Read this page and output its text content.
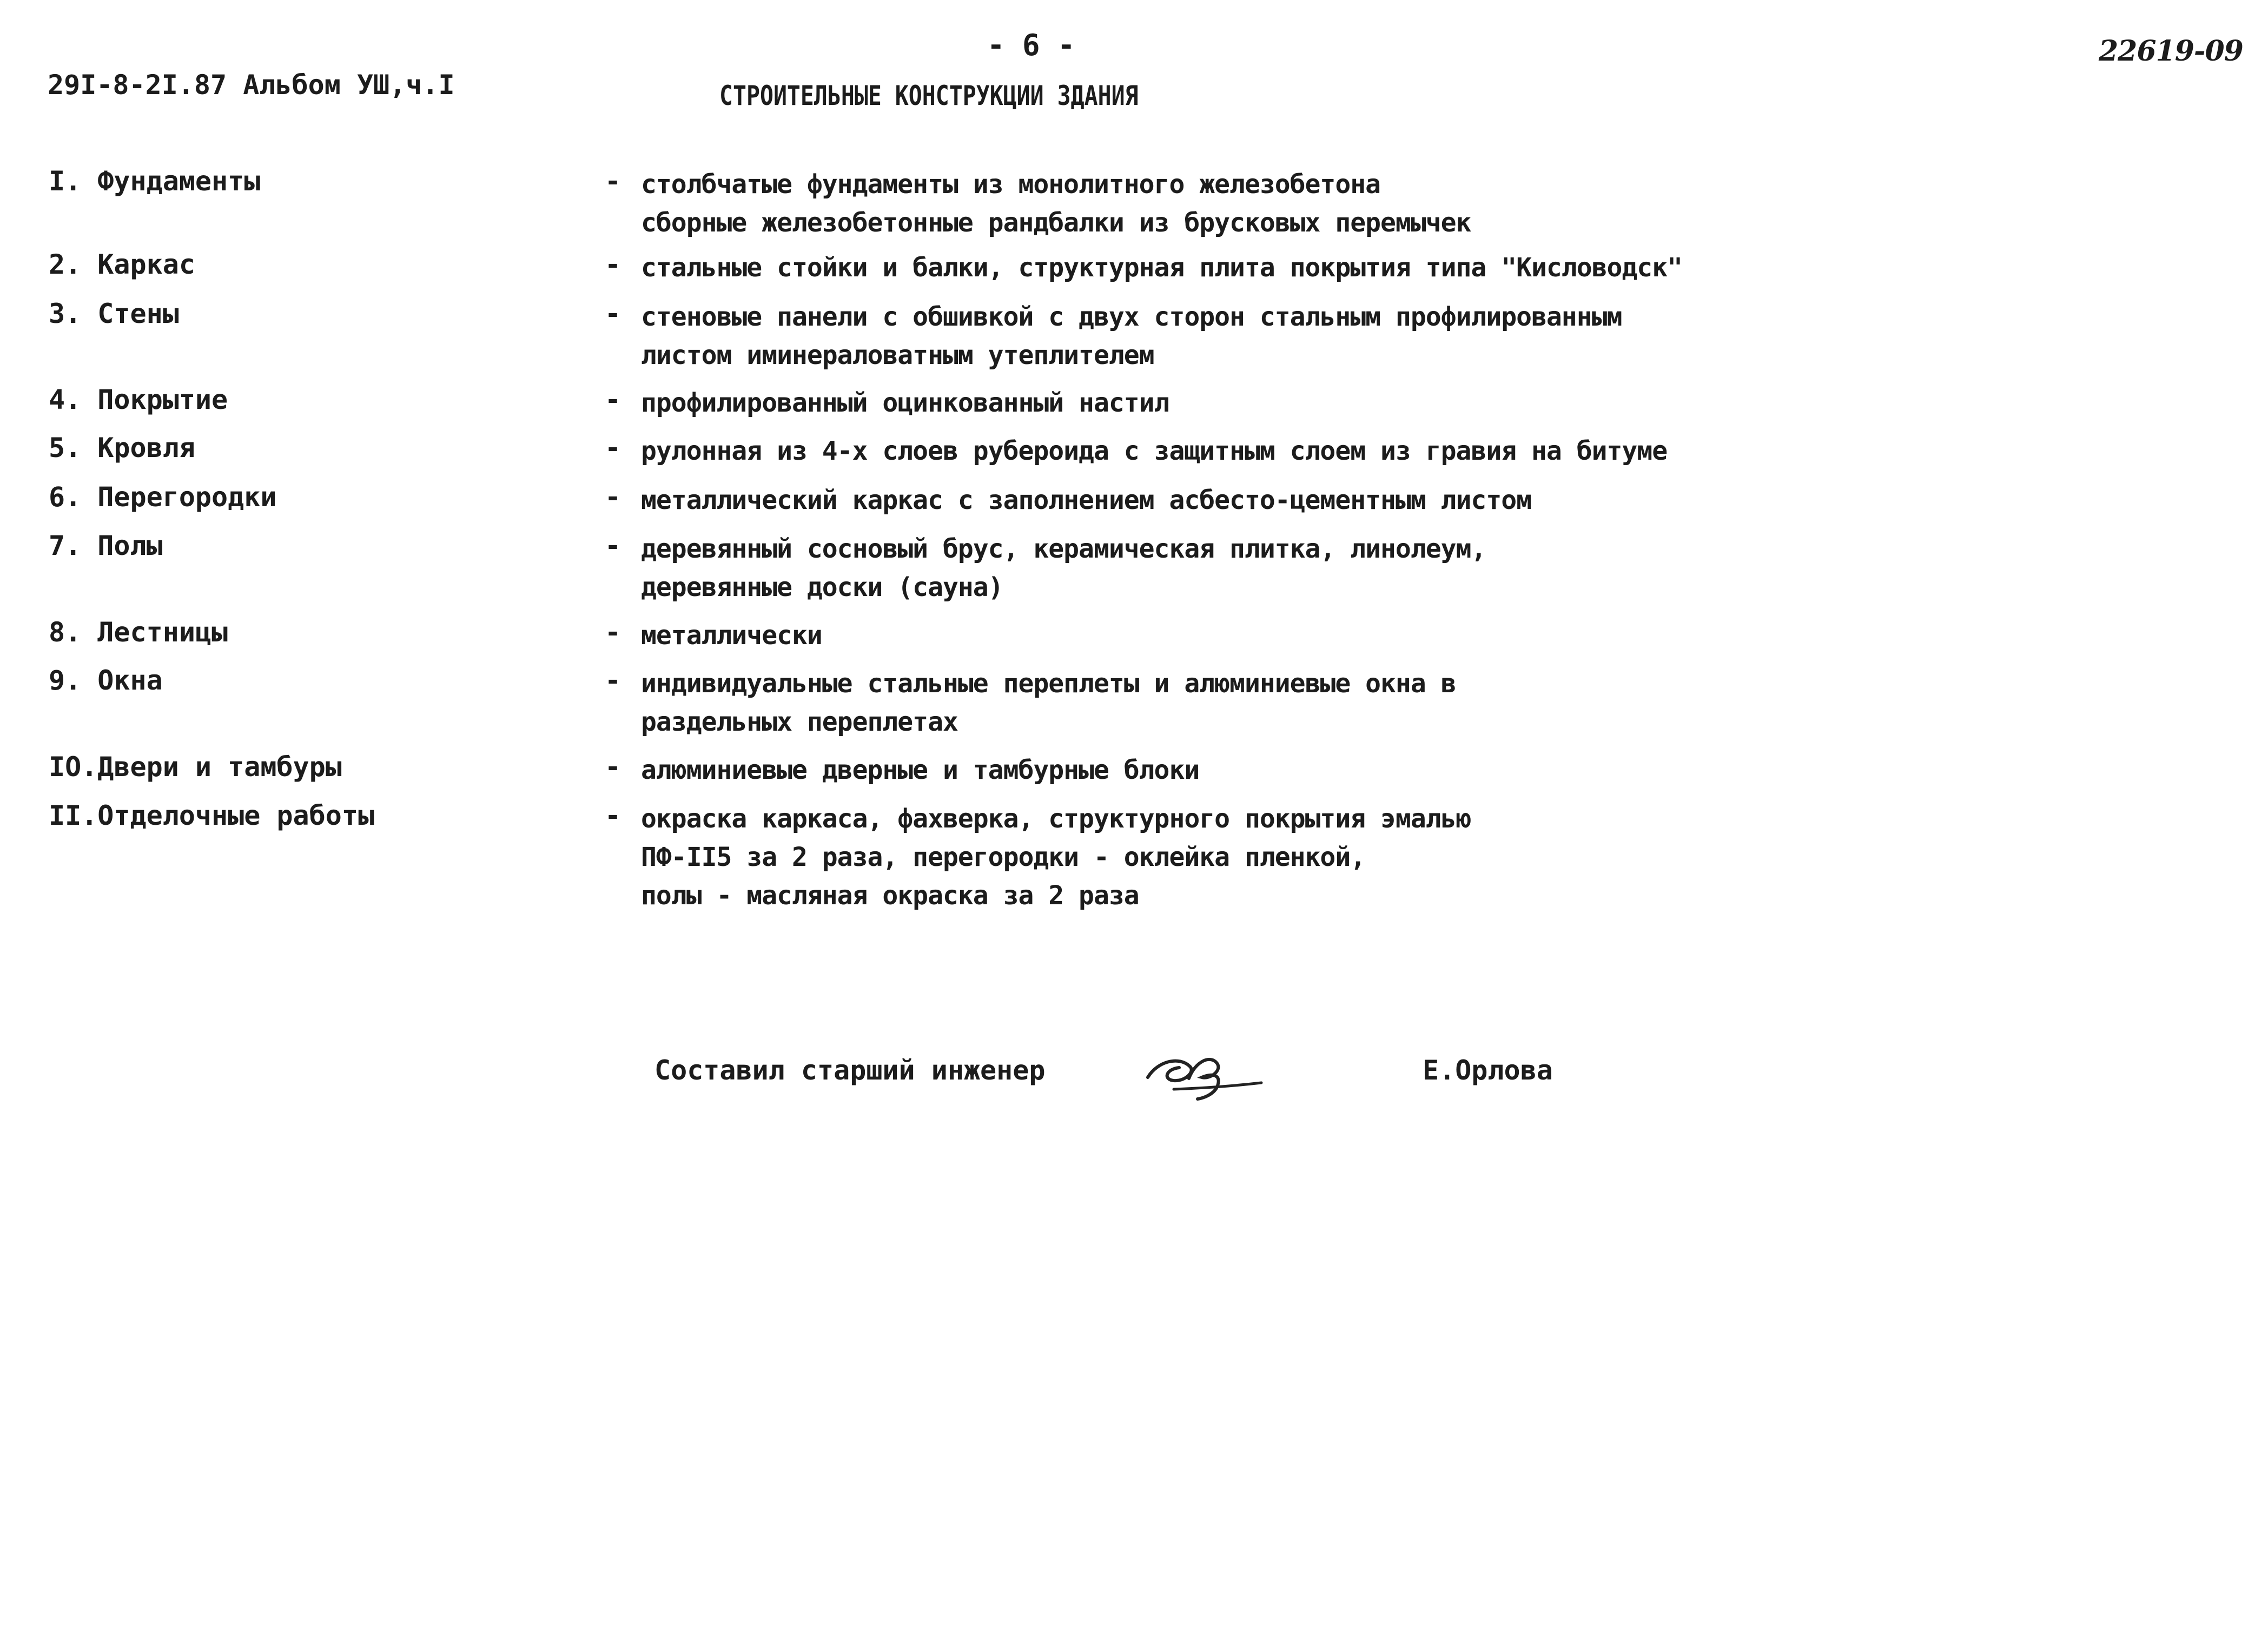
29I-8-2I.87 Альбом УШ,ч.I
- 6 -
СТРОИТЕЛЬНЫЕ КОНСТРУКЦИИ ЗДАНИЯ
22619-09
I. Фундаменты	- столбчатые фундаменты из монолитного железобетона
сборные железобетонные рандбалки из брусковых перемычек
2. Каркас	- стальные стойки и балки, структурная плита покрытия типа "Кисловодск"
3. Стены	- стеновые панели с обшивкой с двух сторон стальным профилированным
листом иминераловатным утеплителем
4. Покрытие	- профилированный оцинкованный настил
5. Кровля	- рулонная из 4-х слоев рубероида с защитным слоем из гравия на битуме
6. Перегородки	- металлический каркас с заполнением асбесто-цементным листом
7. Полы	- деревянный сосновый брус, керамическая плитка, линолеум,
деревянные доски (сауна)
8. Лестницы	- металлически
9. Окна	- индивидуальные стальные переплеты и алюминиевые окна в
раздельных переплетах
IO.Двери и тамбуры	- алюминиевые дверные и тамбурные блоки
II.Отделочные работы	- окраска каркаса, фахверка, структурного покрытия эмалью
ПФ-II5 за 2 раза, перегородки - оклейка пленкой,
полы - масляная окраска за 2 раза
Составил старший инженер	Е.Орлова
